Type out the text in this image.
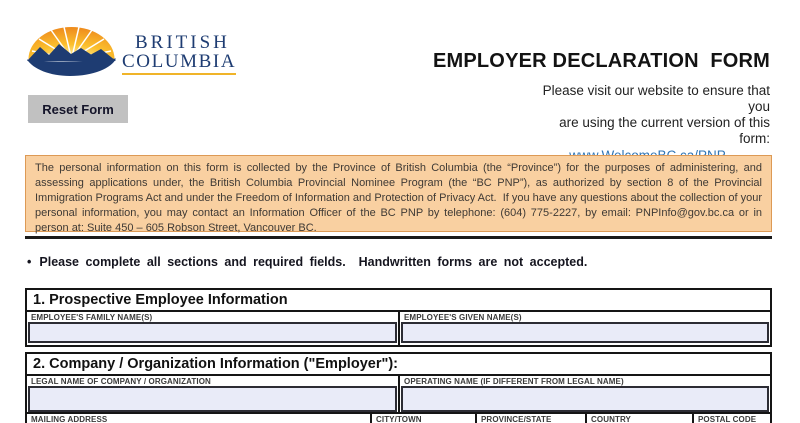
BRITISH
COLUMBIA	EMPLOYER DECLARATION  FORM
Please visit our website to ensure that you
are using the current version of this form:
Reset Form
The personal information on this form is collected by the Province of British Columbia (the “Province”) for the purposes of administering, and assessing applications under, the British Columbia Provincial Nominee Program (the “BC PNP”), as authorized by section 8 of the Provincial Immigration Programs Act and under the Freedom of Information and Protection of Privacy Act.  If you have any questions about the collection of your personal information, you may contact an Information Officer of the BC PNP by telephone: (604) 775-2227, by email: PNPInfo@gov.bc.ca or in person at: Suite 450 – 605 Robson Street, Vancouver BC.
• Please complete all sections and required fields.  Handwritten forms are not accepted.
1. Prospective Employee Information
EMPLOYEE'S FAMILY NAME(S)	EMPLOYEE'S GIVEN NAME(S)
2. Company / Organization Information ("Employer"):
LEGAL NAME OF COMPANY / ORGANIZATION	OPERATING NAME (IF DIFFERENT FROM LEGAL NAME)
MAILING ADDRESS	CITY/TOWN	PROVINCE/STATE	COUNTRY	POSTAL CODE
